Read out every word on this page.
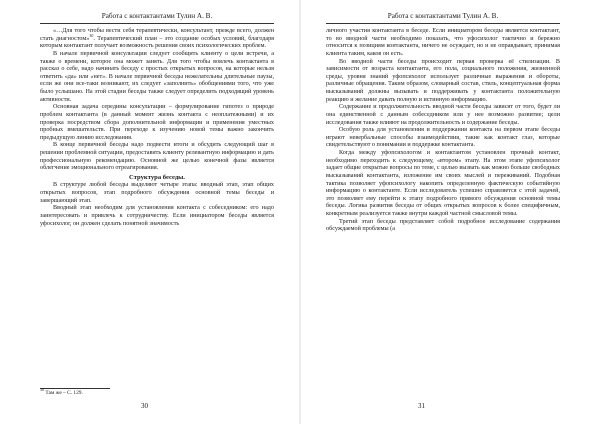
Работа с контактантами Тулин А. В.

«…Для того чтобы вести себя терапевтически, консультант, прежде всего, должен стать диагностом»$^{30}$. Терапевтический план – это создание особых условий, благодаря которым контактант получает возможность решения своих психологических проблем.

В начале первичной консультации следует сообщить клиенту о цели встречи, а также о времени, которое она может занять. Для того чтобы вовлечь контактанта в рассказ о себе, надо начинать беседу с простых открытых вопросов, на которые нельзя ответить «да» или «нет». В начале первичной беседы нежелательны длительные паузы, если же они все-таки возникают, их следует «заполнить» обобщениями того, что уже было услышано. На этой стадии беседы также следует определить подходящий уровень активности.

Основная задача середины консультации – формулирование гипотез о природе проблем контактанта (в данный момент жизнь контакта с неоплатежными) и их проверка посредством сбора дополнительной информации и применения уместных пробных вмешательств. При переходе к изучению новой темы важно закончить предыдущую линию исследования.

В конце первичной беседы надо подвести итоги и обсудить следующий шаг в решении проблемной ситуации, предоставить клиенту релевантную информацию и дать профессиональную рекомендацию. Основной же целью конечной фазы является облегчение эмоционального отреагирования.

Структура беседы.

В структуре любой беседы выделяют четыре этапа: вводный этап, этап общих открытых вопросов, этап подробного обсуждения основной темы беседы и завершающий этап.

Вводный этап необходим для установления контакта с собеседником: его надо заинтересовать и привлечь к сотрудничеству. Если инициатором беседы является уфосихолог, он должен сделать понятной значимость

$^{30}$ Там же – С. 129.
30
Работа с контактантами Тулин А. В.

личного участия контактанта в беседе. Если инициатором беседы является контактант, то во вводной части необходимо показать, что уфосихолог тактично и бережно относится к позициям контактанта, ничего не осуждает, но и не оправдывает, принимая клиента таким, каков он есть.

Во вводной части беседы происходит первая проверка её стилизации. В зависимости от возраста контактанта, его пола, социального положения, жизненной среды, уровня знаний уфопсихолог использует различные выражения и обороты, различные обращения. Таким образом, словарный состав, стиль, концептуальная форма высказываний должны вызывать и поддерживать у контактанта положительную реакцию и желание давать полную и истинную информацию.

Содержание и продолжительность вводной части беседы зависят от того, будет ли она единственной с данным собеседником или у нее возможно развитие; цели исследования также влияют на продолжительность и содержание беседы.

Особую роль для установления и поддержания контакта на первом этапе беседы играют невербальные способы взаимодействия, такие как контакт глаз, которые свидетельствуют о понимании и поддержке контактанта.

Когда между уфопсихологом и контактантом установлен прочный контакт, необходимо переходить к следующему, «втором» этапу. На этом этапе уфопсихолог задает общие открытые вопросы по теме, с целью вызвать как можно больше свободных высказываний контактанта, изложение им своих мыслей и переживаний. Подобная тактика позволяет уфопсихологу накопить определенную фактическую событийную информацию о контактанте. Если исследователь успешно справляется с этой задачей, это позволяет ему перейти к этапу подробного прямого обсуждения основной темы беседы. Логика развития беседы от общих открытых вопросов к более специфичным, конкретным реализуется также внутри каждой частной смысловой темы.

Третий этап беседы представляет собой подробное исследование содержания обсуждаемой проблемы (а

31
